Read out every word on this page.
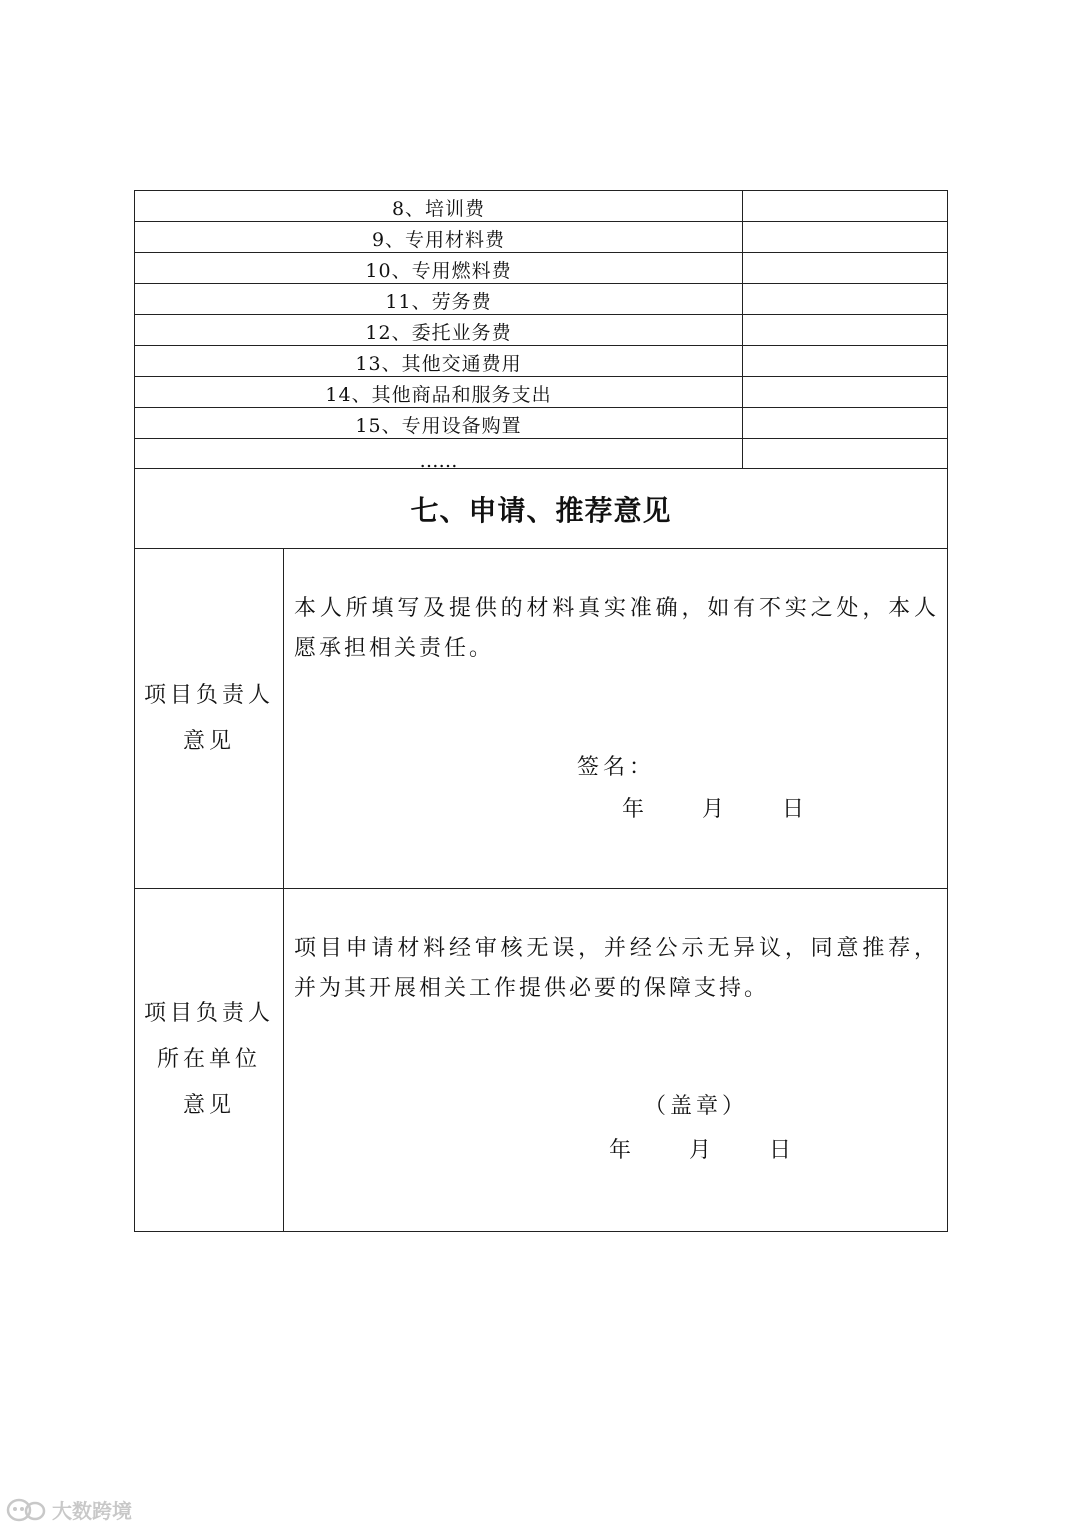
8、培训费
9、专用材料费
10、专用燃料费
11、劳务费
12、委托业务费
13、其他交通费用
14、其他商品和服务支出
15、专用设备购置
……
七、申请、推荐意见
项目负责人
意见
本人所填写及提供的材料真实准确，如有不实之处，本人愿承担相关责任。
签名：
年	月	日
项目负责人
所在单位
意见
项目申请材料经审核无误，并经公示无异议，同意推荐，并为其开展相关工作提供必要的保障支持。
（盖章）
年	月	日
大数跨境
